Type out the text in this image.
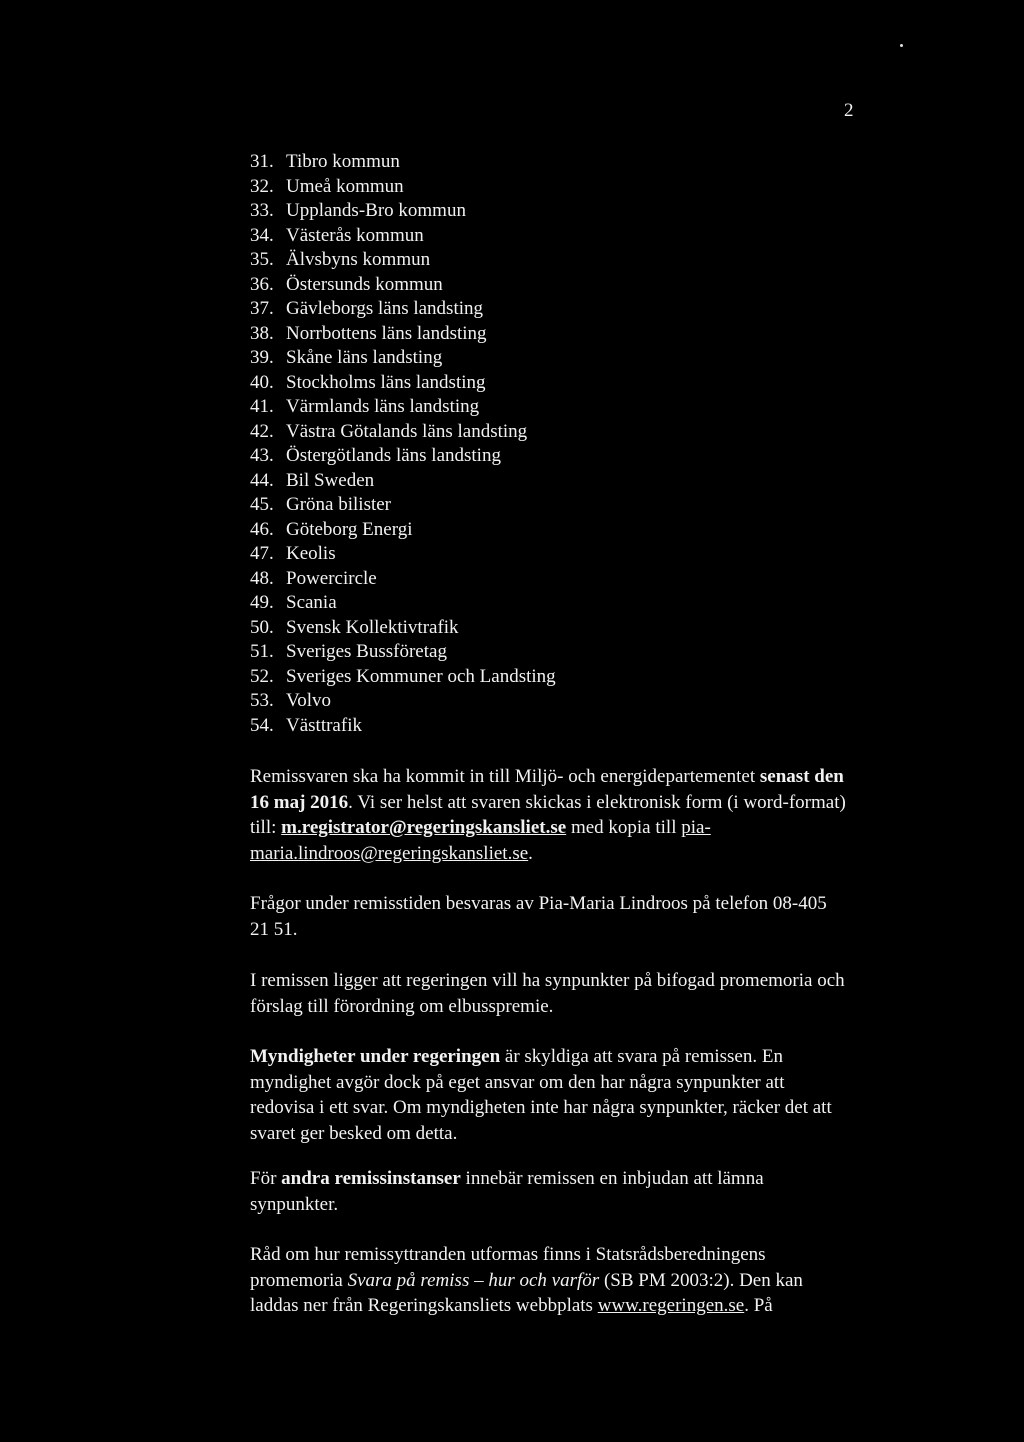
2
31. Tibro kommun
32. Umeå kommun
33. Upplands-Bro kommun
34. Västerås kommun
35. Älvsbyns kommun
36. Östersunds kommun
37. Gävleborgs läns landsting
38. Norrbottens läns landsting
39. Skåne läns landsting
40. Stockholms läns landsting
41. Värmlands läns landsting
42. Västra Götalands läns landsting
43. Östergötlands läns landsting
44. Bil Sweden
45. Gröna bilister
46. Göteborg Energi
47. Keolis
48. Powercircle
49. Scania
50. Svensk Kollektivtrafik
51. Sveriges Bussföretag
52. Sveriges Kommuner och Landsting
53. Volvo
54. Västtrafik

Remissvaren ska ha kommit in till Miljö- och energidepartementet senast den 16 maj 2016. Vi ser helst att svaren skickas i elektronisk form (i word-format) till: m.registrator@regeringskansliet.se med kopia till pia-maria.lindroos@regeringskansliet.se.

Frågor under remisstiden besvaras av Pia-Maria Lindroos på telefon 08-405 21 51.

I remissen ligger att regeringen vill ha synpunkter på bifogad promemoria och förslag till förordning om elbusspremie.

Myndigheter under regeringen är skyldiga att svara på remissen. En myndighet avgör dock på eget ansvar om den har några synpunkter att redovisa i ett svar. Om myndigheten inte har några synpunkter, räcker det att svaret ger besked om detta.

För andra remissinstanser innebär remissen en inbjudan att lämna synpunkter.

Råd om hur remissyttranden utformas finns i Statsrådsberedningens promemoria Svara på remiss – hur och varför (SB PM 2003:2). Den kan laddas ner från Regeringskansliets webbplats www.regeringen.se. På
